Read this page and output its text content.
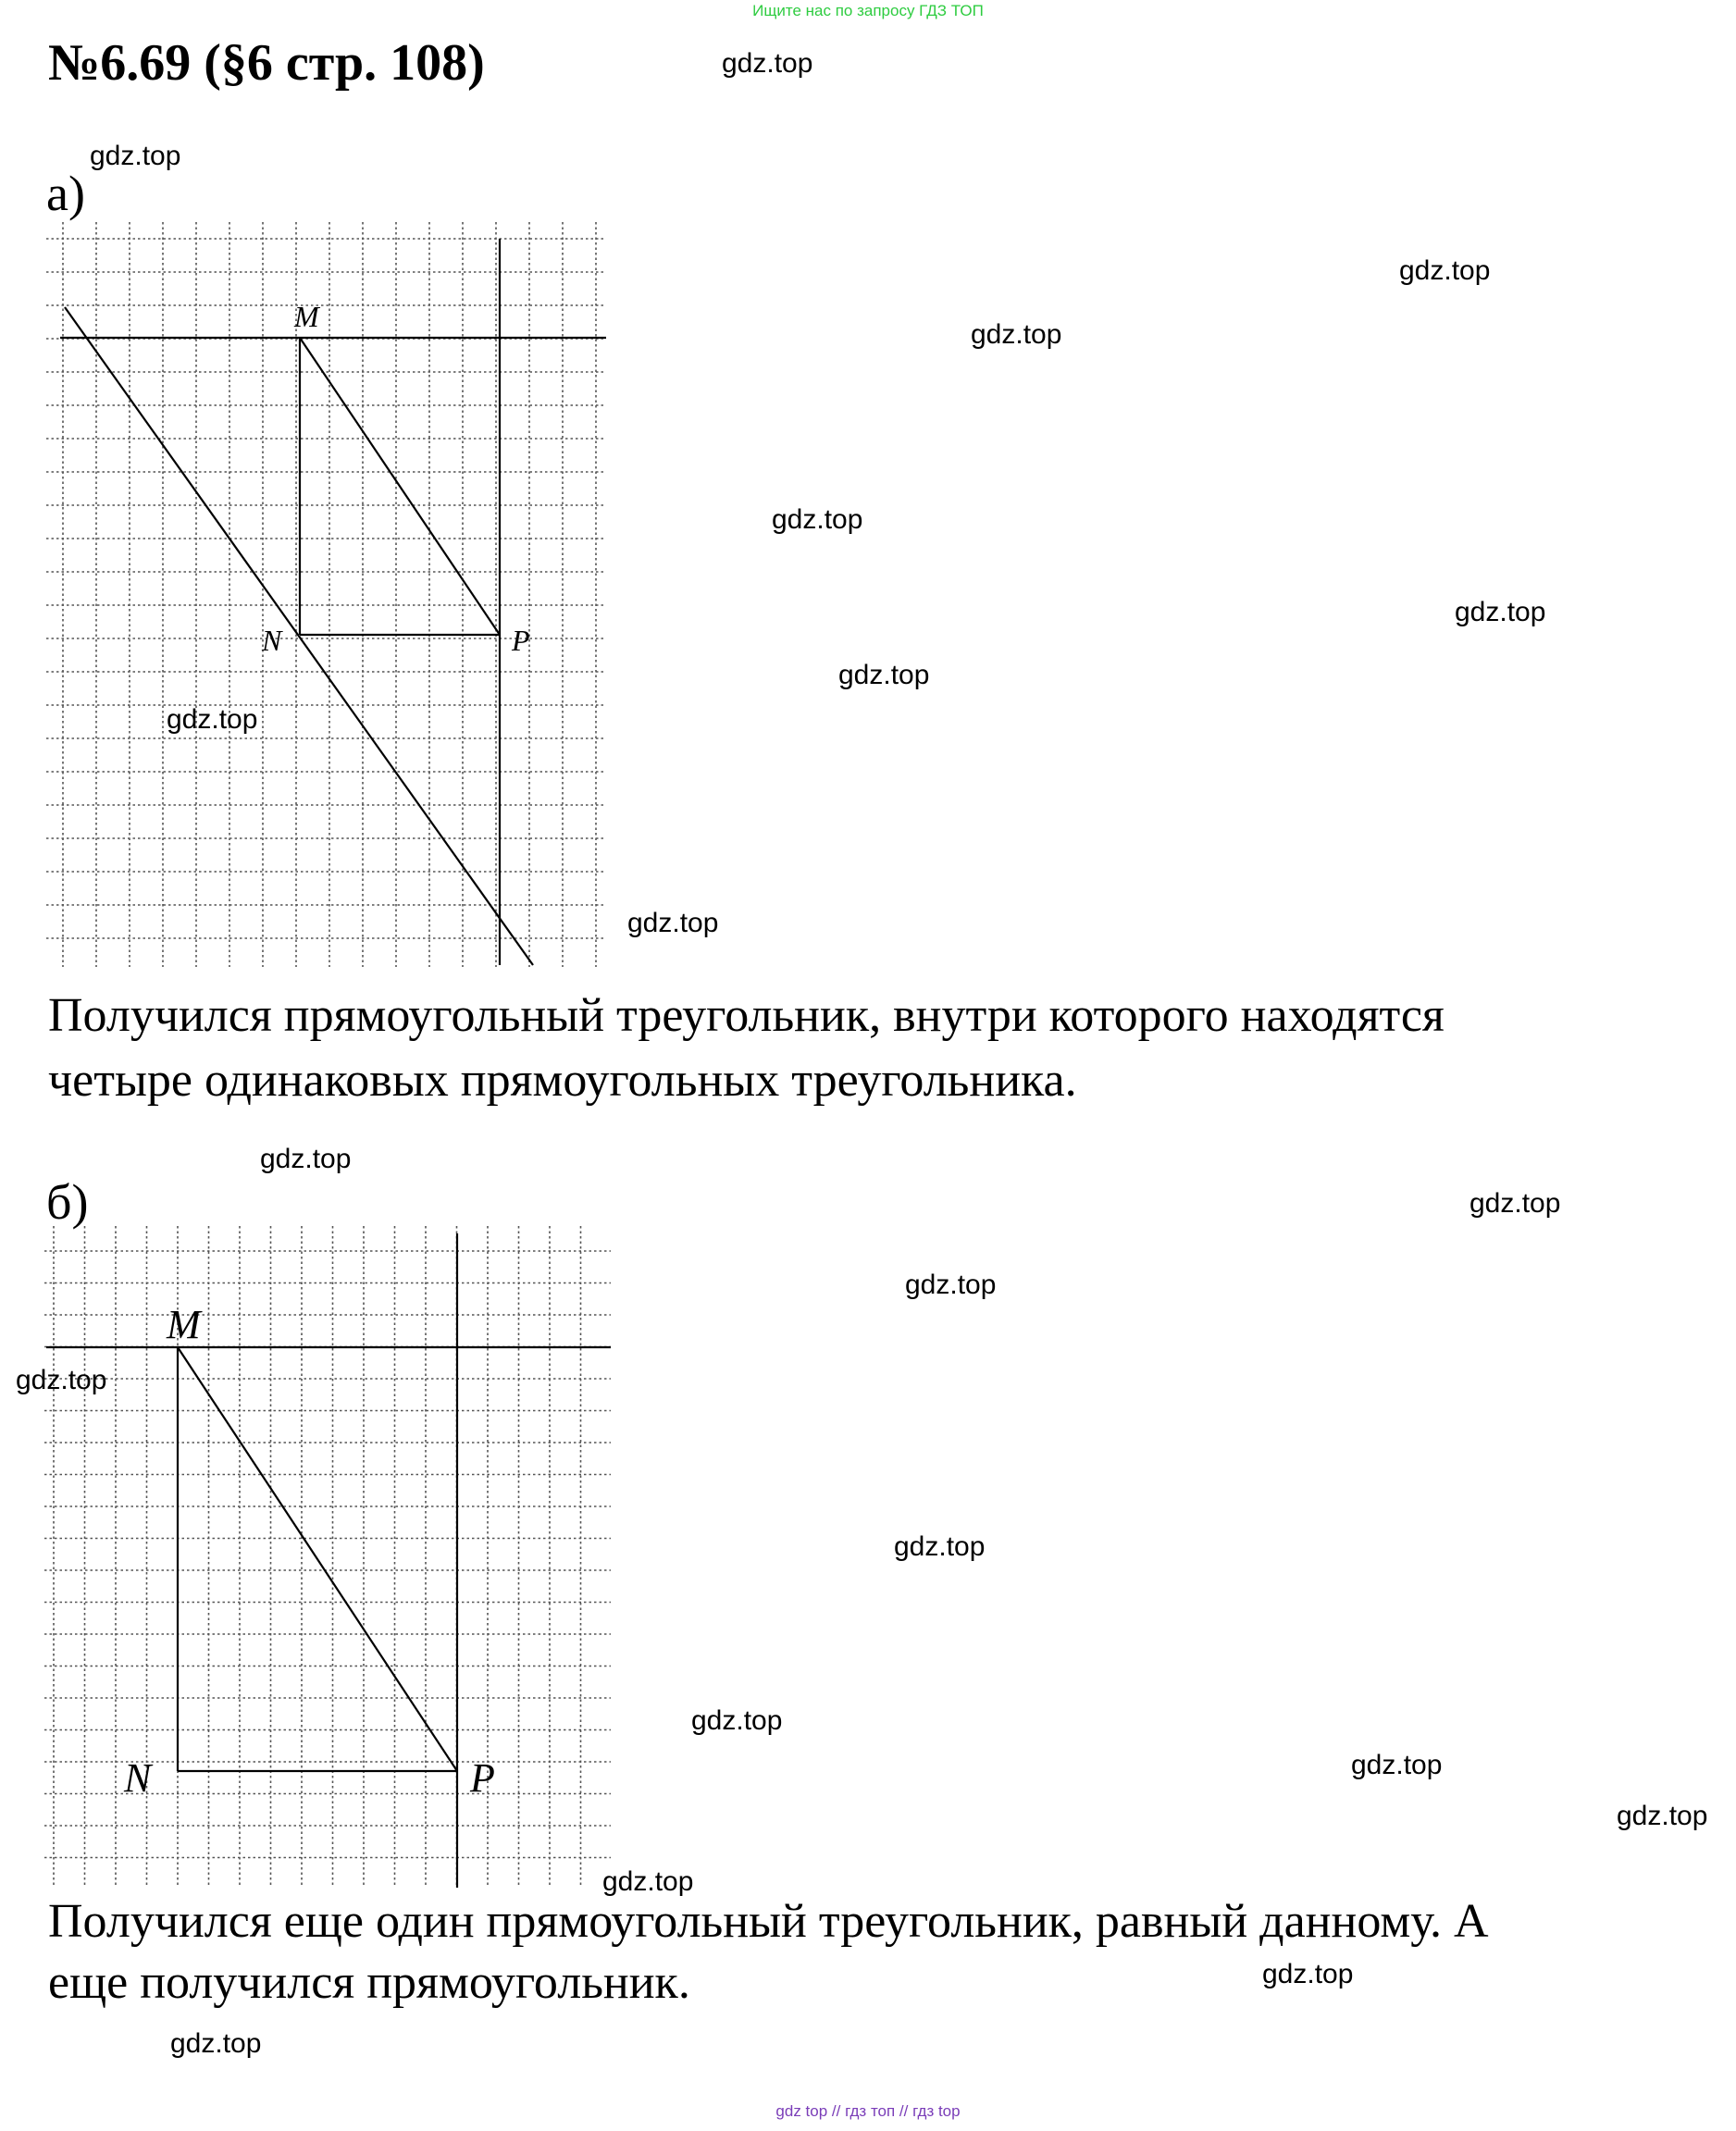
Ищите нас по запросу ГДЗ ТОП
№6.69 (§6 стр. 108)
а)
M
N	P
Получился прямоугольный треугольник, внутри которого находятся
четыре одинаковых прямоугольных треугольника.
б)
M
N	P
Получился еще один прямоугольный треугольник, равный данному. А
еще получился прямоугольник.
gdz.top
gdz.top
gdz.top
gdz.top
gdz.top
gdz.top
gdz.top
gdz.top
gdz.top
gdz.top
gdz.top
gdz.top
gdz.top
gdz.top
gdz.top
gdz.top
gdz.top
gdz.top
gdz.top
gdz.top
gdz top // гдз топ // гдз top
